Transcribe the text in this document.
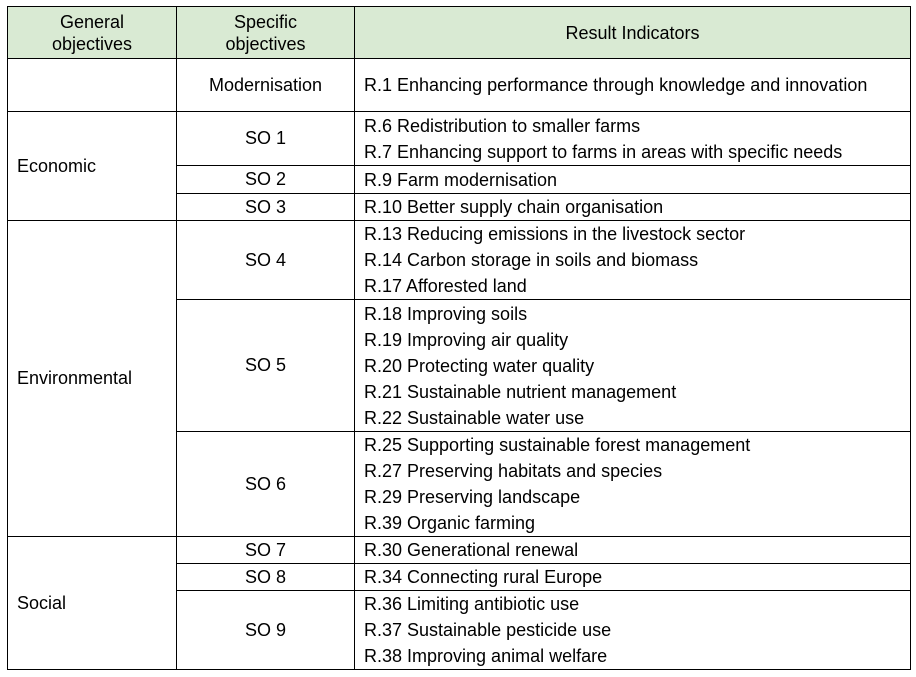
General
objectives	Specific
objectives	Result Indicators
	Modernisation	R.1 Enhancing performance through knowledge and innovation

Economic	SO 1	R.6 Redistribution to smaller farms
R.7 Enhancing support to farms in areas with specific needs

	SO 2	R.9 Farm modernisation

	SO 3	R.10 Better supply chain organisation

Environmental	SO 4	R.13 Reducing emissions in the livestock sector
R.14 Carbon storage in soils and biomass
R.17 Afforested land

	SO 5	R.18 Improving soils
R.19 Improving air quality
R.20 Protecting water quality
R.21 Sustainable nutrient management
R.22 Sustainable water use

	SO 6	R.25 Supporting sustainable forest management
R.27 Preserving habitats and species
R.29 Preserving landscape
R.39 Organic farming

Social	SO 7	R.30 Generational renewal

	SO 8	R.34 Connecting rural Europe

	SO 9	R.36 Limiting antibiotic use
R.37 Sustainable pesticide use
R.38 Improving animal welfare
